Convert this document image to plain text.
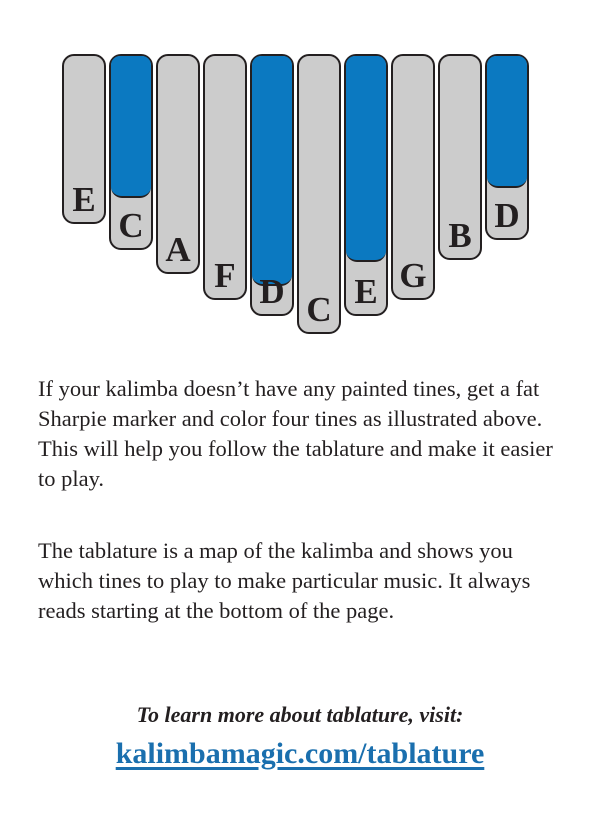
E
C
A
F D C E G
B
D

If your kalimba doesn’t have any painted tines, get a fat Sharpie marker and color four tines as illustrated above. This will help you follow the tablature and make it easier to play.

The tablature is a map of the kalimba and shows you which tines to play to make particular music. It always reads starting at the bottom of the page.

To learn more about tablature, visit:

kalimbamagic.com/tablature
